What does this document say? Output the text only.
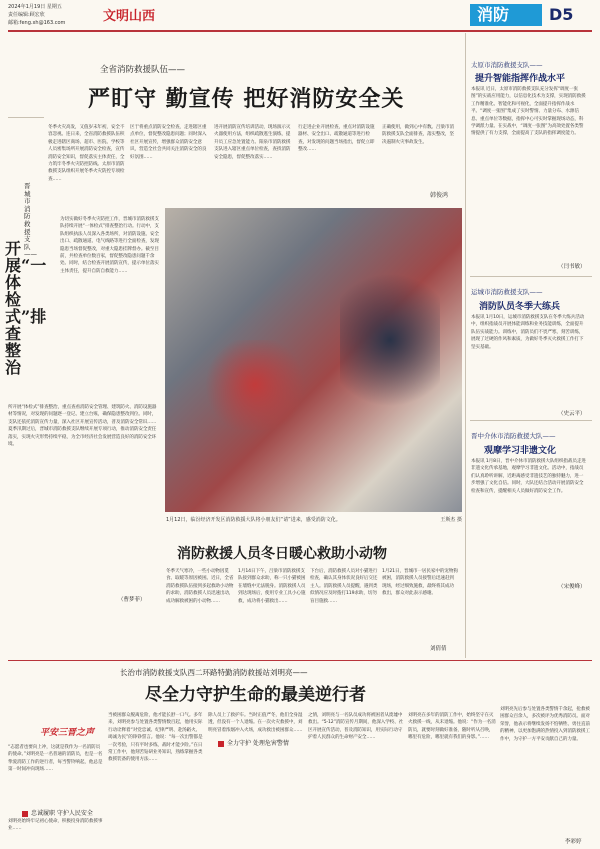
2024年1月19日 星期五
责任编辑:顾宏欣
邮箱:feng.xh@163.com	文明山西	消防 D5
全省消防救援队伍——
严盯守 勤宣传 把好消防安全关
冬季火灾高发，又值岁末年初，安全不容忽视。连日来，全省消防救援队伍积极走进辖区商场、超市、医院、学校等人员密集场所开展消防安全检查，宣传消防安全知识，督促落实主体责任，全力筑牢冬季火灾防控防线。太原市消防救援支队组织开展冬季火灾防控专项检查……
区于将重点消防安全检查，走进辖区重点单位，督促整改隐患问题；同时深入社区开展宣传，增强群众消防安全意识，营造全社会共同关注消防安全的良好氛围……
进开展消防宣传培训活动，现场演示灭火器使用方法，组织疏散逃生演练，提升员工应急处置能力。阳泉市消防救援支队进入辖区重点单位检查，查找消防安全隐患，督促整改落实……
行走进企业开展检查，重点对消防设施器材、安全出口、疏散通道等进行检查，对发现的问题当场指出，督促立即整改……
正确使用，做到心中有数。吕梁市消防救援支队全面排查，落实整改，坚决遏制火灾事故发生。
韩俊鸿
晋城市消防救援支队——
开展“一体检式”排查整治
为切实做好冬季火灾防控工作，晋城市消防救援支队持续开展“一体检式”排查整治行动。行动中，支队组织执法人员深入各类场所，对消防设施、安全出口、疏散通道、电气线路等进行全面检查，发现隐患当场督促整改，对重大隐患挂牌督办。截至目前，共检查单位数百家，督促整改隐患问题千余处。同时，结合检查开展消防宣传，提示单位落实主体责任，提升自防自救能力……
所开展“体检式”排查整治，重点查看消防安全管理、建筑防火、消防设施器材等情况，对发现的问题逐一登记、建立台账，确保隐患整改到位。同时，支队还依托消防宣传力量，深入社区开展宣传活动，普及消防安全常识……夏季汛期过后，晋城市消防救援支队继续开展专项行动，推动消防安全责任落实，实现火灾形势持续平稳，为全市经济社会发展营造良好的消防安全环境。
（曹梦菲）
1月12日，临汾经济开发区消防救援大队将小朋友们“请”进来，感受消防文化。	王斯杰 摄
消防救援人员冬日暖心救助小动物
冬季天气寒冷，一些小动物因觅食、取暖等原因被困。近日，全省消防救援队伍接到多起救助小动物的求助，消防救援人员迅速出动，成功解救被困的小动物……
1月14日下午，吕梁市消防救援支队接到群众求助，称一只小猫被困在墙缝中无法脱身。消防救援人员到达现场后，使用专业工具小心施救，成功将小猫救出……
下台后，消防救援人员对小猫进行检查，确认其身体状况良好后交还主人。消防救援人员提醒，遇到类似情况应及时拨打119求助，切勿盲目施救……
1月21日，晋城市一居民家中的宠物狗被困，消防救援人员接警后迅速赶到现场，经过细致施救，最终将其成功救出，群众对此表示感谢。
刘倩倩
太原市消防救援支队——
提升智能指挥作战水平
本报讯 近日，太原市消防救援支队充分发挥“调度一张图”的实战应用能力，以信息化技术为支撑，实现消防救援工作精准化、智能化和可视化，全面提升指挥作战水平。“调度一张图”集成了实时警情、力量分布、水源信息、重点单位等数据，指挥中心可实时掌握现场动态，科学调派力量。在实战中，“调度一张图”为高效处置各类警情提供了有力支撑，全面提高了支队的指挥调度能力。
（闫书敏）
运城市消防救援支队——
消防队员冬季大练兵
本报讯 1月10日，运城市消防救援支队在冬季大练兵活动中，组织指战员开展体能训练和业务技能训练，全面提升队伍实战能力。训练中，消防员们不畏严寒，刻苦训练，展现了过硬的作风和素质，为做好冬季灭火救援工作打下坚实基础。
（史云平）
晋中介休市消防救援大队——
观摩学习非遗文化
本报讯 1月8日，晋中介休市消防救援大队组织指战员走进非遗文化传承基地，观摩学习非遗文化。活动中，指战员们认真聆听讲解，近距离感受非遗技艺的独特魅力，进一步增强了文化自信。同时，大队还结合活动开展消防安全检查和宣传，提醒相关人员做好消防安全工作。
（宋俊峰）
长治市消防救援支队西二环路特勤消防救援站刘明亮——
尽全力守护生命的最美逆行者
平安三晋之声
“志愿者也要向上冲，这就是我作为一名消防员的使命。”刘明亮是一名普通的消防员，也是一名挚爱消防工作的逆行者，每当警铃响起，他总是第一时间冲向现场……
忠诚履职 守护人民安全
刘明亮始终牢记初心使命，积极投身消防救援事业……
当被困群众脱离危险，他才能长舒一口气。多年来，刘明亮参与处置各类警情数百起，他用实际行动诠释着“对党忠诚、纪律严明、赴汤蹈火、竭诚为民”的铮铮誓言。他说：“每一次出警都是一次考验，只有平时多练，战时才能少险。”在日常工作中，他刻苦钻研业务知识，熟练掌握各类救援装备的使用方法……
除人员上了救护车。当时正值严冬，他们全身湿透，但没有一个人退缩。在一次火灾救援中，刘明亮冒着浓烟冲入火场，成功救出被困群众……
全力守护 处理危害警情
之情，刘明亮与一名队员成功将被困者从废墟中救出。“5·12”消防宣传月期间，他深入学校、社区开展宣传活动，普及消防知识，用实际行动守护着人民群众的生命财产安全……
刘明亮在多年的消防工作中，始终坚守在灭火救援一线，从未退缩。他说：“作为一名消防员，就要时刻做好准备，随时听从召唤，哪里有危险，哪里就有我们的身影。”……
刘明亮先后参与处置各类警情千余起，抢救被困群众百余人，多次被评为优秀消防员。面对荣誉，他表示将继续发扬不怕牺牲、勇往直前的精神，以更加饱满的热情投入到消防救援工作中，为守护一方平安贡献自己的力量。
李彩婷
